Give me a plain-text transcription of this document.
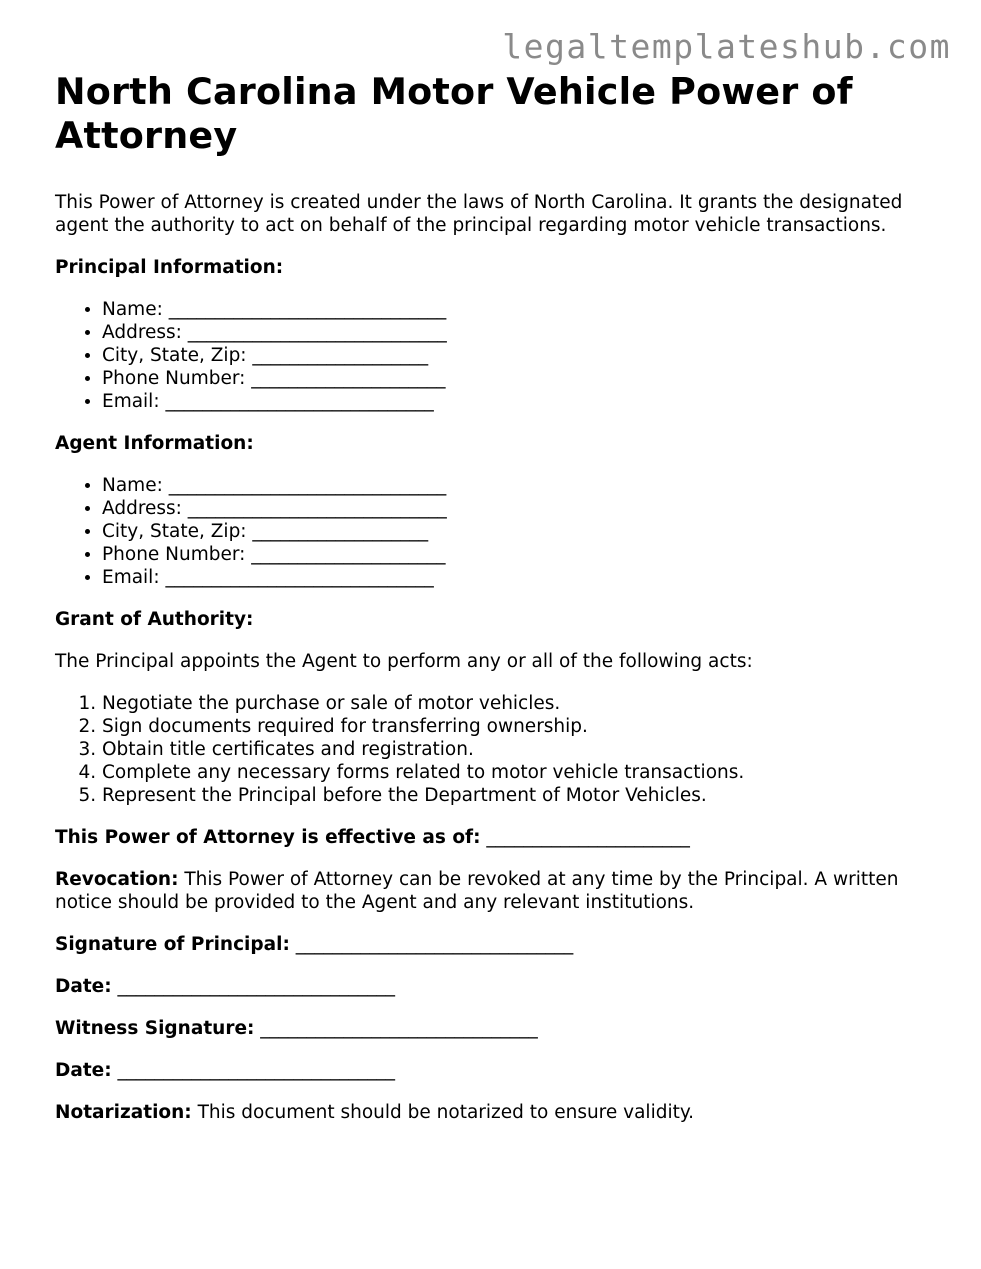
legaltemplateshub.com
North Carolina Motor Vehicle Power of Attorney

This Power of Attorney is created under the laws of North Carolina. It grants the designated agent the authority to act on behalf of the principal regarding motor vehicle transactions.

Principal Information:

• Name: ______________________________
• Address: ____________________________
• City, State, Zip: ___________________
• Phone Number: _____________________
• Email: _____________________________

Agent Information:

• Name: ______________________________
• Address: ____________________________
• City, State, Zip: ___________________
• Phone Number: _____________________
• Email: _____________________________

Grant of Authority:

The Principal appoints the Agent to perform any or all of the following acts:

1. Negotiate the purchase or sale of motor vehicles.
2. Sign documents required for transferring ownership.
3. Obtain title certificates and registration.
4. Complete any necessary forms related to motor vehicle transactions.
5. Represent the Principal before the Department of Motor Vehicles.

This Power of Attorney is effective as of: ______________________

Revocation: This Power of Attorney can be revoked at any time by the Principal. A written notice should be provided to the Agent and any relevant institutions.

Signature of Principal: ______________________________

Date: ______________________________

Witness Signature: ______________________________

Date: ______________________________

Notarization: This document should be notarized to ensure validity.
